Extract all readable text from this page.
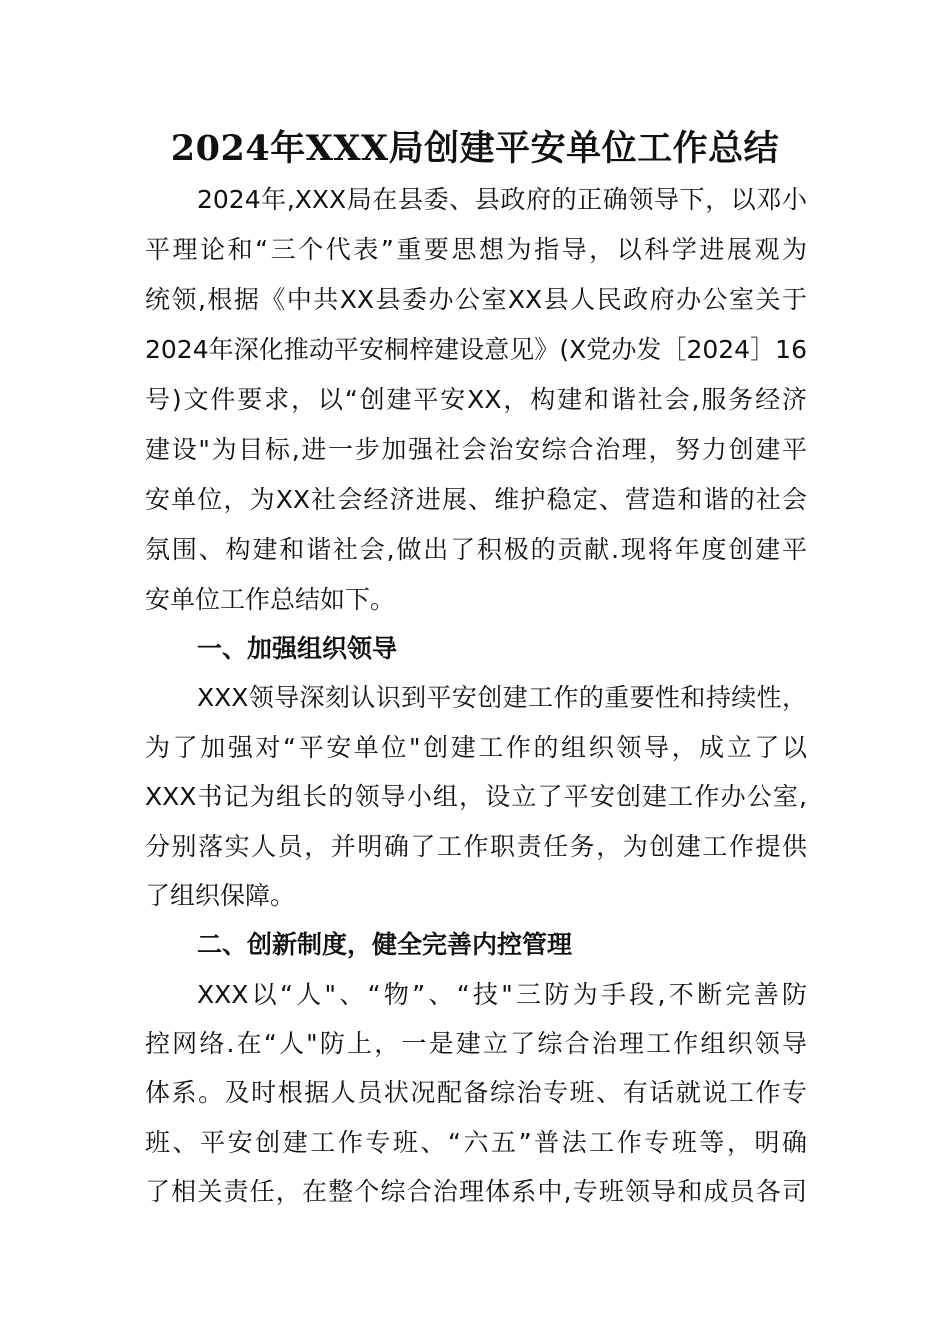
2024年XXX局创建平安单位工作总结
2024年,XXX局在县委、县政府的正确领导下，以邓小
平理论和“三个代表”重要思想为指导，以科学进展观为
统领,根据《中共XX县委办公室XX县人民政府办公室关于
2024年深化推动平安桐梓建设意见》(X党办发［2024］16
号)文件要求，以“创建平安XX，构建和谐社会,服务经济
建设"为目标,进一步加强社会治安综合治理，努力创建平
安单位，为XX社会经济进展、维护稳定、营造和谐的社会
氛围、构建和谐社会,做出了积极的贡献.现将年度创建平
安单位工作总结如下。
一、加强组织领导
XXX领导深刻认识到平安创建工作的重要性和持续性，
为了加强对“平安单位"创建工作的组织领导，成立了以
XXX书记为组长的领导小组，设立了平安创建工作办公室,
分别落实人员，并明确了工作职责任务，为创建工作提供
了组织保障。
二、创新制度，健全完善内控管理
XXX以“人"、“物”、“技"三防为手段,不断完善防
控网络.在“人"防上，一是建立了综合治理工作组织领导
体系。及时根据人员状况配备综治专班、有话就说工作专
班、平安创建工作专班、“六五”普法工作专班等，明确
了相关责任，在整个综合治理体系中,专班领导和成员各司
